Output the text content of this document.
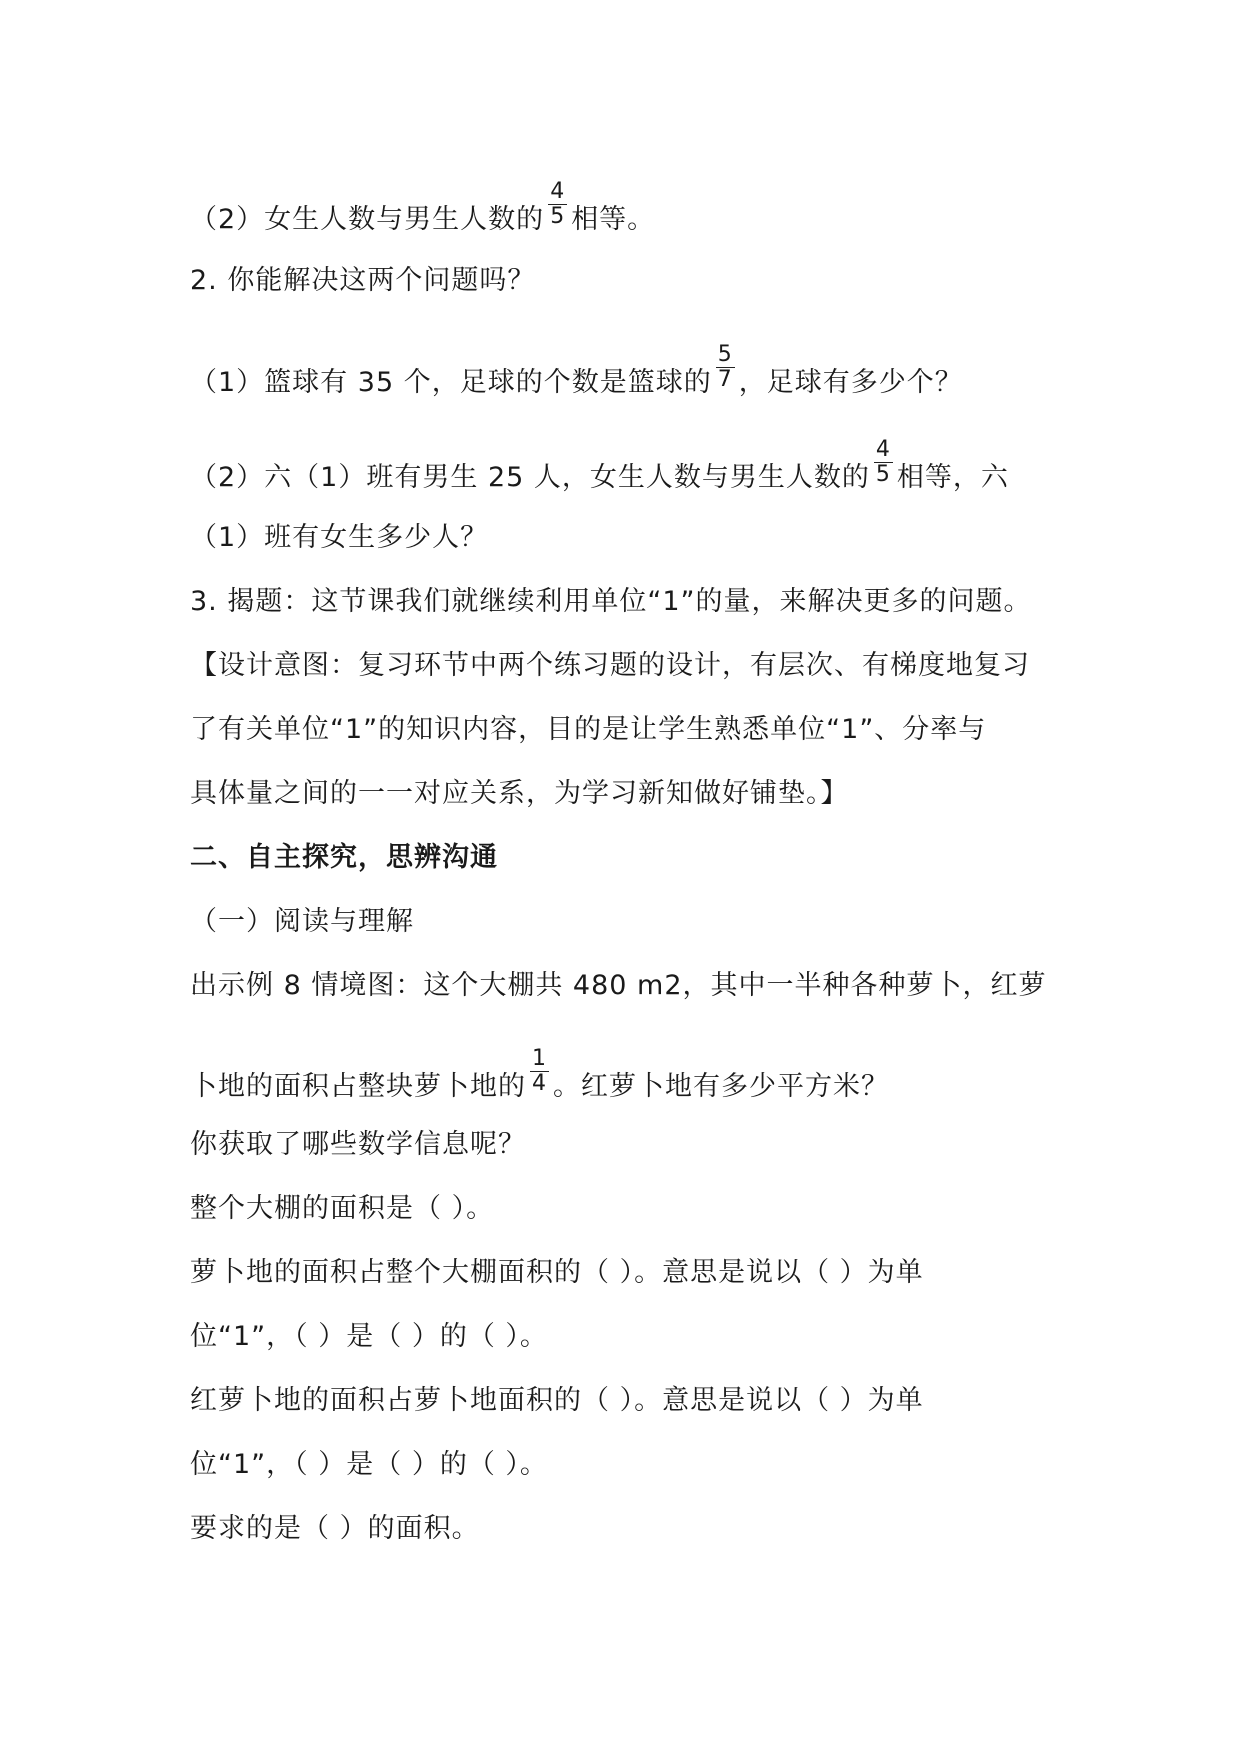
（2）女生人数与男生人数的 $\frac{4}{5}$ 相等。
2. 你能解决这两个问题吗？
（1）篮球有 35 个，足球的个数是篮球的 $\frac{5}{7}$ ，足球有多少个？
（2）六（1）班有男生 25 人，女生人数与男生人数的 $\frac{4}{5}$ 相等，六
（1）班有女生多少人？
3. 揭题：这节课我们就继续利用单位“1”的量，来解决更多的问题。
【设计意图：复习环节中两个练习题的设计，有层次、有梯度地复习
了有关单位“1”的知识内容，目的是让学生熟悉单位“1”、分率与
具体量之间的一一对应关系，为学习新知做好铺垫。】
二、自主探究，思辨沟通
（一）阅读与理解
出示例 8 情境图：这个大棚共 480 m2，其中一半种各种萝卜，红萝
卜地的面积占整块萝卜地的 $\frac{1}{4}$ 。红萝卜地有多少平方米？
你获取了哪些数学信息呢？
整个大棚的面积是（ ）。
萝卜地的面积占整个大棚面积的（ ）。意思是说以（ ）为单
位“1”，（ ）是（ ）的（ ）。
红萝卜地的面积占萝卜地面积的（ ）。意思是说以（ ）为单
位“1”，（ ）是（ ）的（ ）。
要求的是（ ）的面积。
